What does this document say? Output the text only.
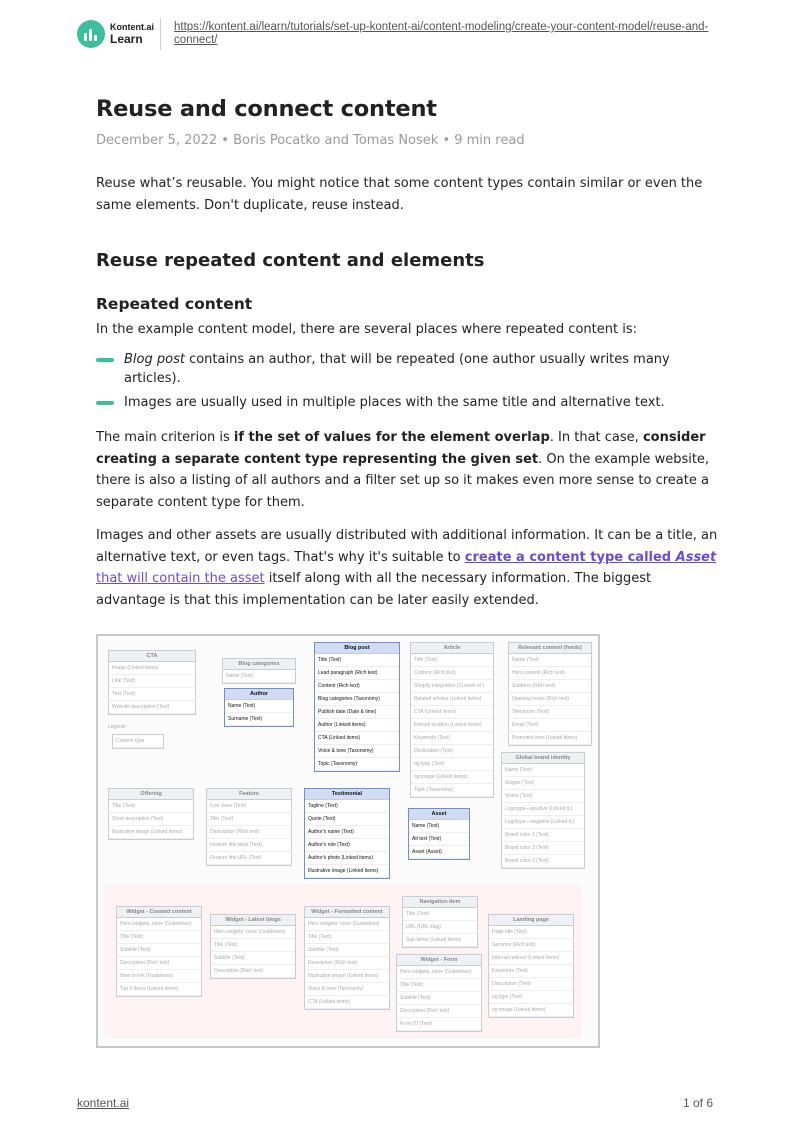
Kontent.ai
Learn
https://kontent.ai/learn/tutorials/set-up-kontent-ai/content-modeling/create-your-content-model/reuse-and-connect/
Reuse and connect content
December 5, 2022 • Boris Pocatko and Tomas Nosek • 9 min read

Reuse what’s reusable. You might notice that some content types contain similar or even the same elements. Don't duplicate, reuse instead.

Reuse repeated content and elements
Repeated content

In the example content model, there are several places where repeated content is:

Blog post contains an author, that will be repeated (one author usually writes many articles).
Images are usually used in multiple places with the same title and alternative text.

The main criterion is if the set of values for the element overlap. In that case, consider creating a separate content type representing the given set. On the example website, there is also a listing of all authors and a filter set up so it makes even more sense to create a separate content type for them.

Images and other assets are usually distributed with additional information. It can be a title, an alternative text, or even tags. That's why it's suitable to create a content type called Asset that will contain the asset itself along with all the necessary information. The biggest advantage is that this implementation can be later easily extended.

CTA
Image (Linked items)
Link (Text)
Text (Text)
Website description (Text)
Legend:
Content type
Blog categories
Name (Text)
Article
Title (Text)
Content (Rich text)
Shopify integration (Custom el.)
Related articles (Linked items)
CTA (Linked items)
Entrant location (Linked items)
Keywords (Text)
Destination (Text)
og:type (Text)
og:image (Linked items)
Topic (Taxonomy)
Relevant content (feeds)
Name (Text)
Hero content (Rich text)
Subhero (Rich text)
Opening hours (Rich text)
Telephone (Text)
Email (Text)
Promoted item (Linked items)
Global brand identity
Name (Text)
Slogan (Text)
Vision (Text)
Logotype—positive (Linked it.)
Logotype—negative (Linked it.)
Brand color 1 (Text)
Brand color 2 (Text)
Brand color 3 (Text)
Offering
Title (Text)
Short description (Text)
Illustrative image (Linked items)
Feature
Icon class (Text)
Title (Text)
Description (Rich text)
Feature link label (Text)
Feature link URL (Text)
Widget - Curated content
Hero widgets: none (Guidelines)
Title (Text)
Subtitle (Text)
Description (Rich text)
How to-link (Guidelines)
Top 5 items (Linked items)
Widget - Latest blogs
Hero widgets: none (Guidelines)
Title (Text)
Subtitle (Text)
Description (Rich text)
Widget - Formatted content
Hero widgets: none (Guidelines)
Title (Text)
Subtitle (Text)
Description (Rich text)
Illustrative image (Linked items)
Voice & tone (Taxonomy)
CTA (Linked items)
Navigation item
Title (Text)
URL (URL slug)
Sub-items (Linked items)
Widget - Form
Hero widgets: none (Guidelines)
Title (Text)
Subtitle (Text)
Description (Rich text)
Form ID (Text)
Landing page
Page title (Text)
Sections (Rich text)
Internal redirect (Linked items)
Keywords (Text)
Description (Text)
og:type (Text)
og:image (Linked items)
Blog post
Title (Text)
Lead paragraph (Rich text)
Content (Rich text)
Blog categories (Taxonomy)
Publish date (Date & time)
Author (Linked items)
CTA (Linked items)
Voice & tone (Taxonomy)
Topic (Taxonomy)
Author
Name (Text)
Surname (Text)
Testimonial
Tagline (Text)
Quote (Text)
Author's name (Text)
Author's role (Text)
Author's photo (Linked items)
Illustrative image (Linked items)
Asset
Name (Text)
Alt text (Text)
Asset (Asset)
kontent.ai	1 of 6
